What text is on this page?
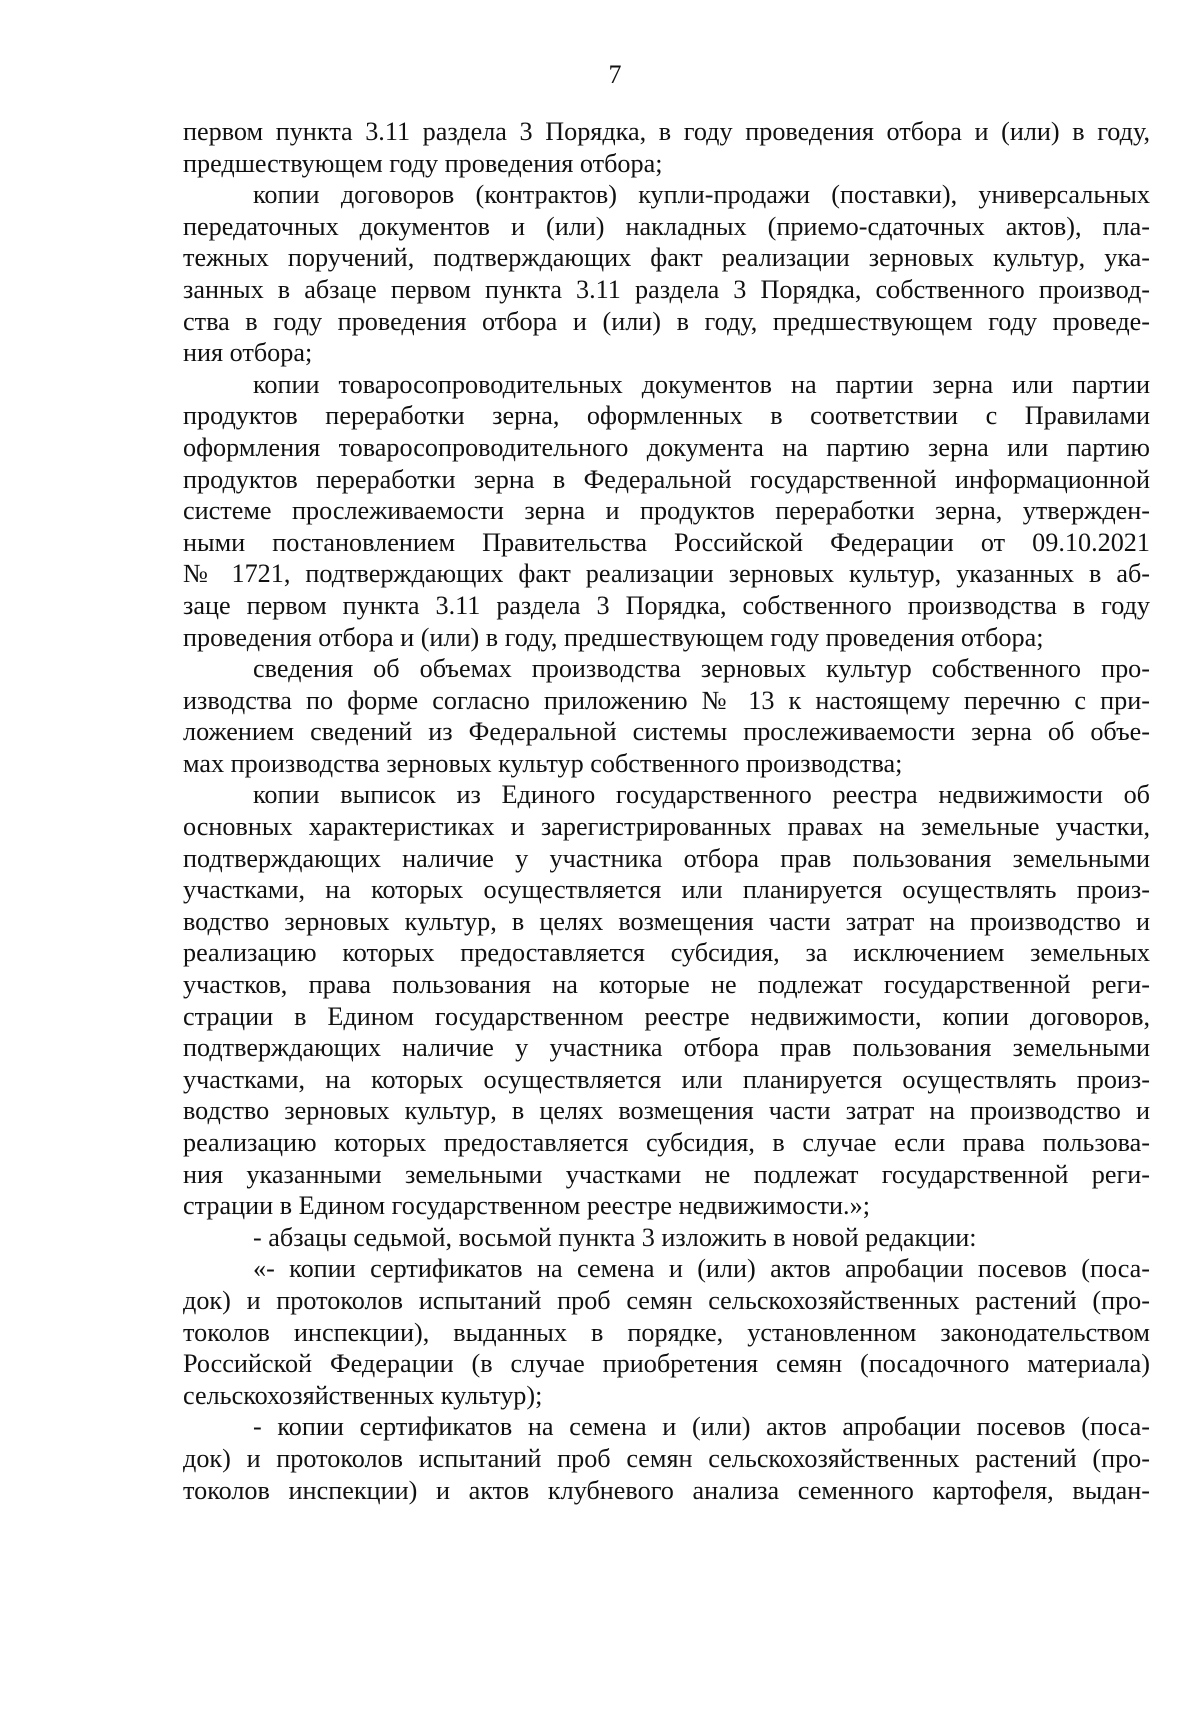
7
первом пункта 3.11 раздела 3 Порядка, в году проведения отбора и (или) в году,
предшествующем году проведения отбора;
копии договоров (контрактов) купли-продажи (поставки), универсальных
передаточных документов и (или) накладных (приемо-сдаточных актов), пла-
тежных поручений, подтверждающих факт реализации зерновых культур, ука-
занных в абзаце первом пункта 3.11 раздела 3 Порядка, собственного производ-
ства в году проведения отбора и (или) в году, предшествующем году проведе-
ния отбора;
копии товаросопроводительных документов на партии зерна или партии
продуктов переработки зерна, оформленных в соответствии с Правилами
оформления товаросопроводительного документа на партию зерна или партию
продуктов переработки зерна в Федеральной государственной информационной
системе прослеживаемости зерна и продуктов переработки зерна, утвержден-
ными постановлением Правительства Российской Федерации от 09.10.2021
№ 1721, подтверждающих факт реализации зерновых культур, указанных в аб-
заце первом пункта 3.11 раздела 3 Порядка, собственного производства в году
проведения отбора и (или) в году, предшествующем году проведения отбора;
сведения об объемах производства зерновых культур собственного про-
изводства по форме согласно приложению № 13 к настоящему перечню с при-
ложением сведений из Федеральной системы прослеживаемости зерна об объе-
мах производства зерновых культур собственного производства;
копии выписок из Единого государственного реестра недвижимости об
основных характеристиках и зарегистрированных правах на земельные участки,
подтверждающих наличие у участника отбора прав пользования земельными
участками, на которых осуществляется или планируется осуществлять произ-
водство зерновых культур, в целях возмещения части затрат на производство и
реализацию которых предоставляется субсидия, за исключением земельных
участков, права пользования на которые не подлежат государственной реги-
страции в Едином государственном реестре недвижимости, копии договоров,
подтверждающих наличие у участника отбора прав пользования земельными
участками, на которых осуществляется или планируется осуществлять произ-
водство зерновых культур, в целях возмещения части затрат на производство и
реализацию которых предоставляется субсидия, в случае если права пользова-
ния указанными земельными участками не подлежат государственной реги-
страции в Едином государственном реестре недвижимости.»;
- абзацы седьмой, восьмой пункта 3 изложить в новой редакции:
«- копии сертификатов на семена и (или) актов апробации посевов (поса-
док) и протоколов испытаний проб семян сельскохозяйственных растений (про-
токолов инспекции), выданных в порядке, установленном законодательством
Российской Федерации (в случае приобретения семян (посадочного материала)
сельскохозяйственных культур);
- копии сертификатов на семена и (или) актов апробации посевов (поса-
док) и протоколов испытаний проб семян сельскохозяйственных растений (про-
токолов инспекции) и актов клубневого анализа семенного картофеля, выдан-
